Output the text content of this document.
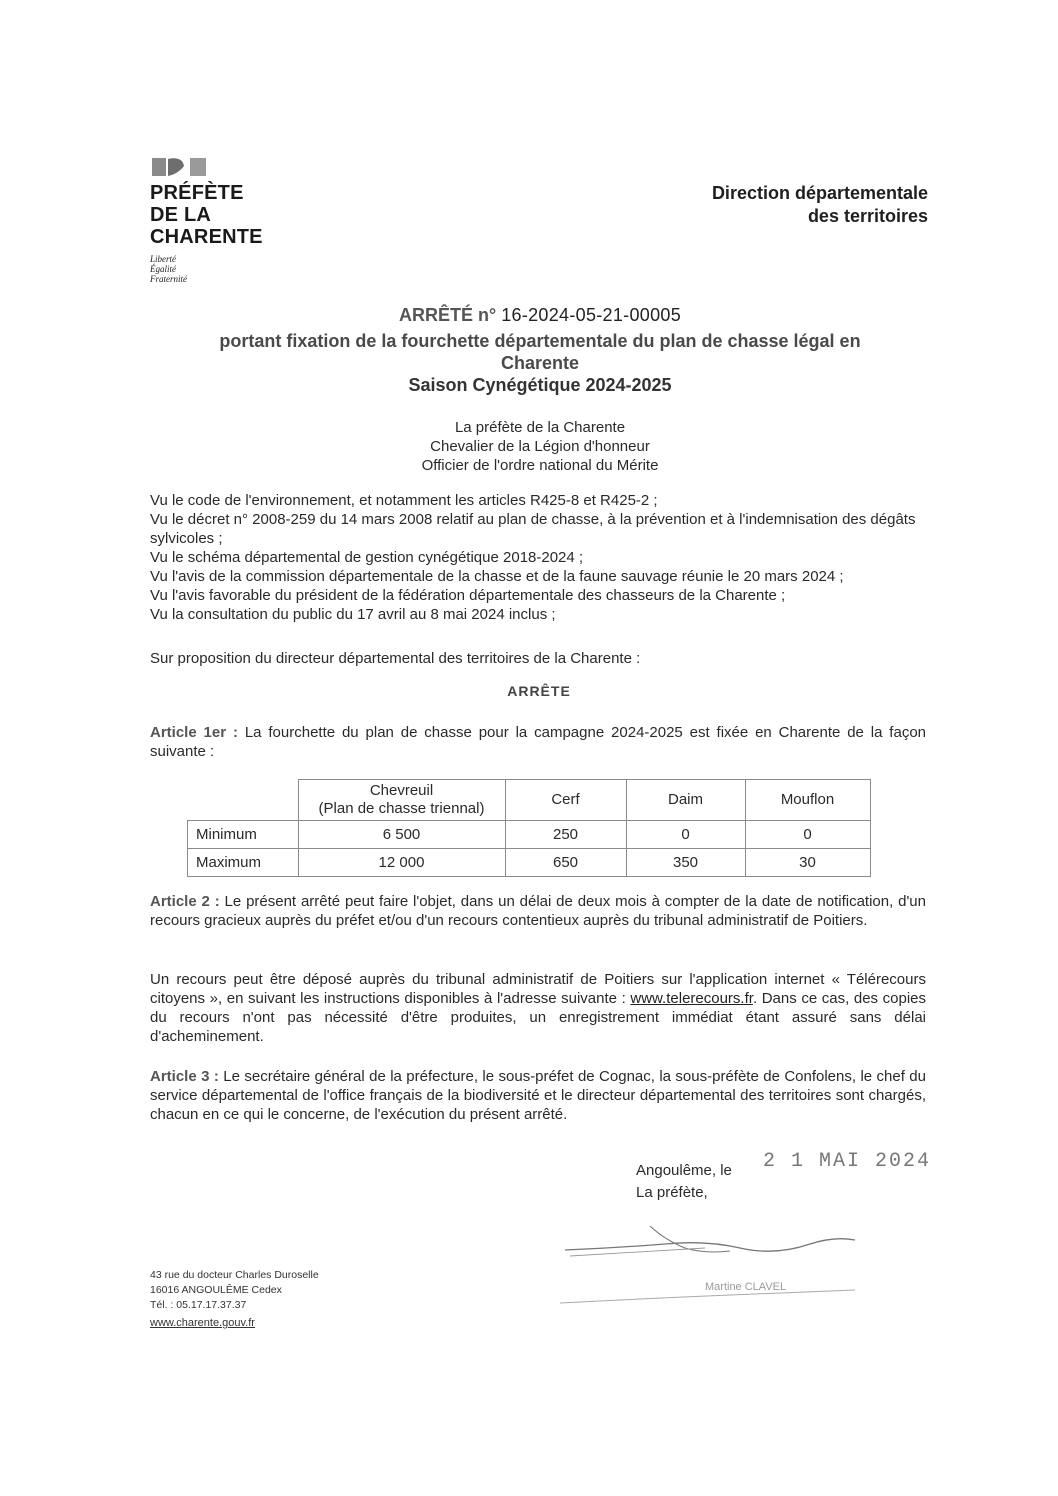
PRÉFÈTE
DE LA
CHARENTE
Liberté
Égalité
Fraternité
Direction départementale
des territoires
ARRÊTÉ n° 16-2024-05-21-00005
portant fixation de la fourchette départementale du plan de chasse légal en Charente
Saison Cynégétique 2024-2025
La préfète de la Charente
Chevalier de la Légion d'honneur
Officier de l'ordre national du Mérite

Vu le code de l'environnement, et notamment les articles R425-8 et R425-2 ;

Vu le décret n° 2008-259 du 14 mars 2008 relatif au plan de chasse, à la prévention et à l'indemnisation des dégâts sylvicoles ;

Vu le schéma départemental de gestion cynégétique 2018-2024 ;

Vu l'avis de la commission départementale de la chasse et de la faune sauvage réunie le 20 mars 2024 ;

Vu l'avis favorable du président de la fédération départementale des chasseurs de la Charente ;

Vu la consultation du public du 17 avril au 8 mai 2024 inclus ;

Sur proposition du directeur départemental des territoires de la Charente :
ARRÊTE
Article 1er : La fourchette du plan de chasse pour la campagne 2024-2025 est fixée en Charente de la façon suivante :

	Chevreuil
(Plan de chasse triennal)	Cerf	Daim	Mouflon
Minimum	6 500	250	0	0
Maximum	12 000	650	350	30
Article 2 : Le présent arrêté peut faire l'objet, dans un délai de deux mois à compter de la date de notification, d'un recours gracieux auprès du préfet et/ou d'un recours contentieux auprès du tribunal administratif de Poitiers.
Un recours peut être déposé auprès du tribunal administratif de Poitiers sur l'application internet « Télérecours citoyens », en suivant les instructions disponibles à l'adresse suivante : www.telerecours.fr. Dans ce cas, des copies du recours n'ont pas nécessité d'être produites, un enregistrement immédiat étant assuré sans délai d'acheminement.
Article 3 : Le secrétaire général de la préfecture, le sous-préfet de Cognac, la sous-préfète de Confolens, le chef du service départemental de l'office français de la biodiversité et le directeur départemental des territoires sont chargés, chacun en ce qui le concerne, de l'exécution du présent arrêté.
2 1 MAI 2024
Angoulême, le
La préfète,
Martine CLAVEL
43 rue du docteur Charles Duroselle
16016 ANGOULÊME Cedex
Tél. : 05.17.17.37.37
www.charente.gouv.fr
